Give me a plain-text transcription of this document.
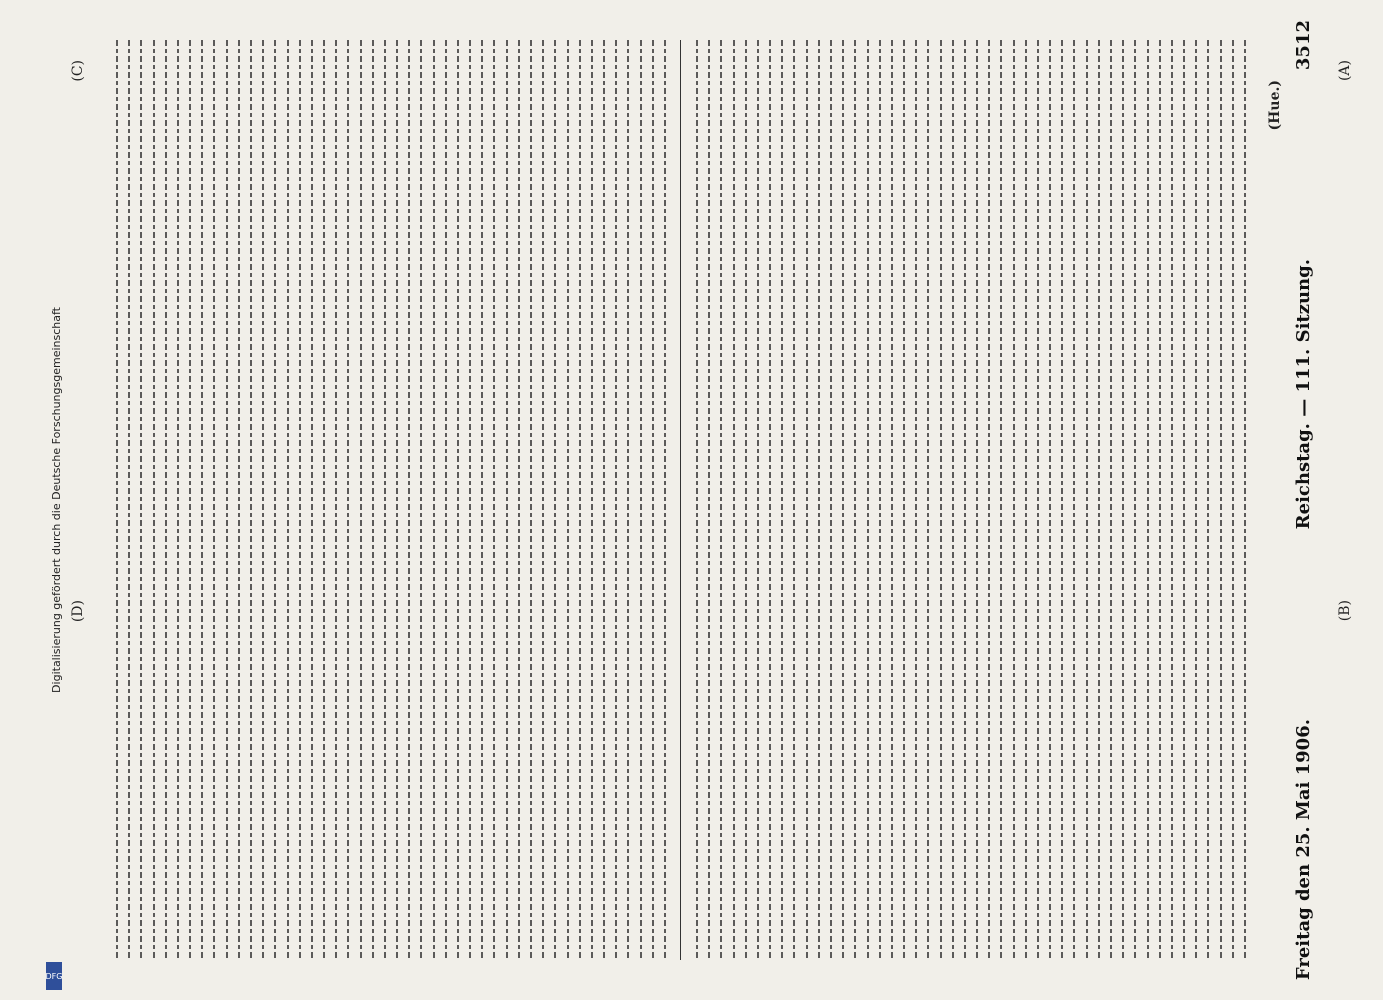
3512
Reichstag. — 111. Sitzung.
Freitag den 25. Mai 1906.
(A)
(B)
(C)
(D)
(Hue.)
Digitalisierung gefördert durch die Deutsche Forschungsgemeinschaft
DFG
